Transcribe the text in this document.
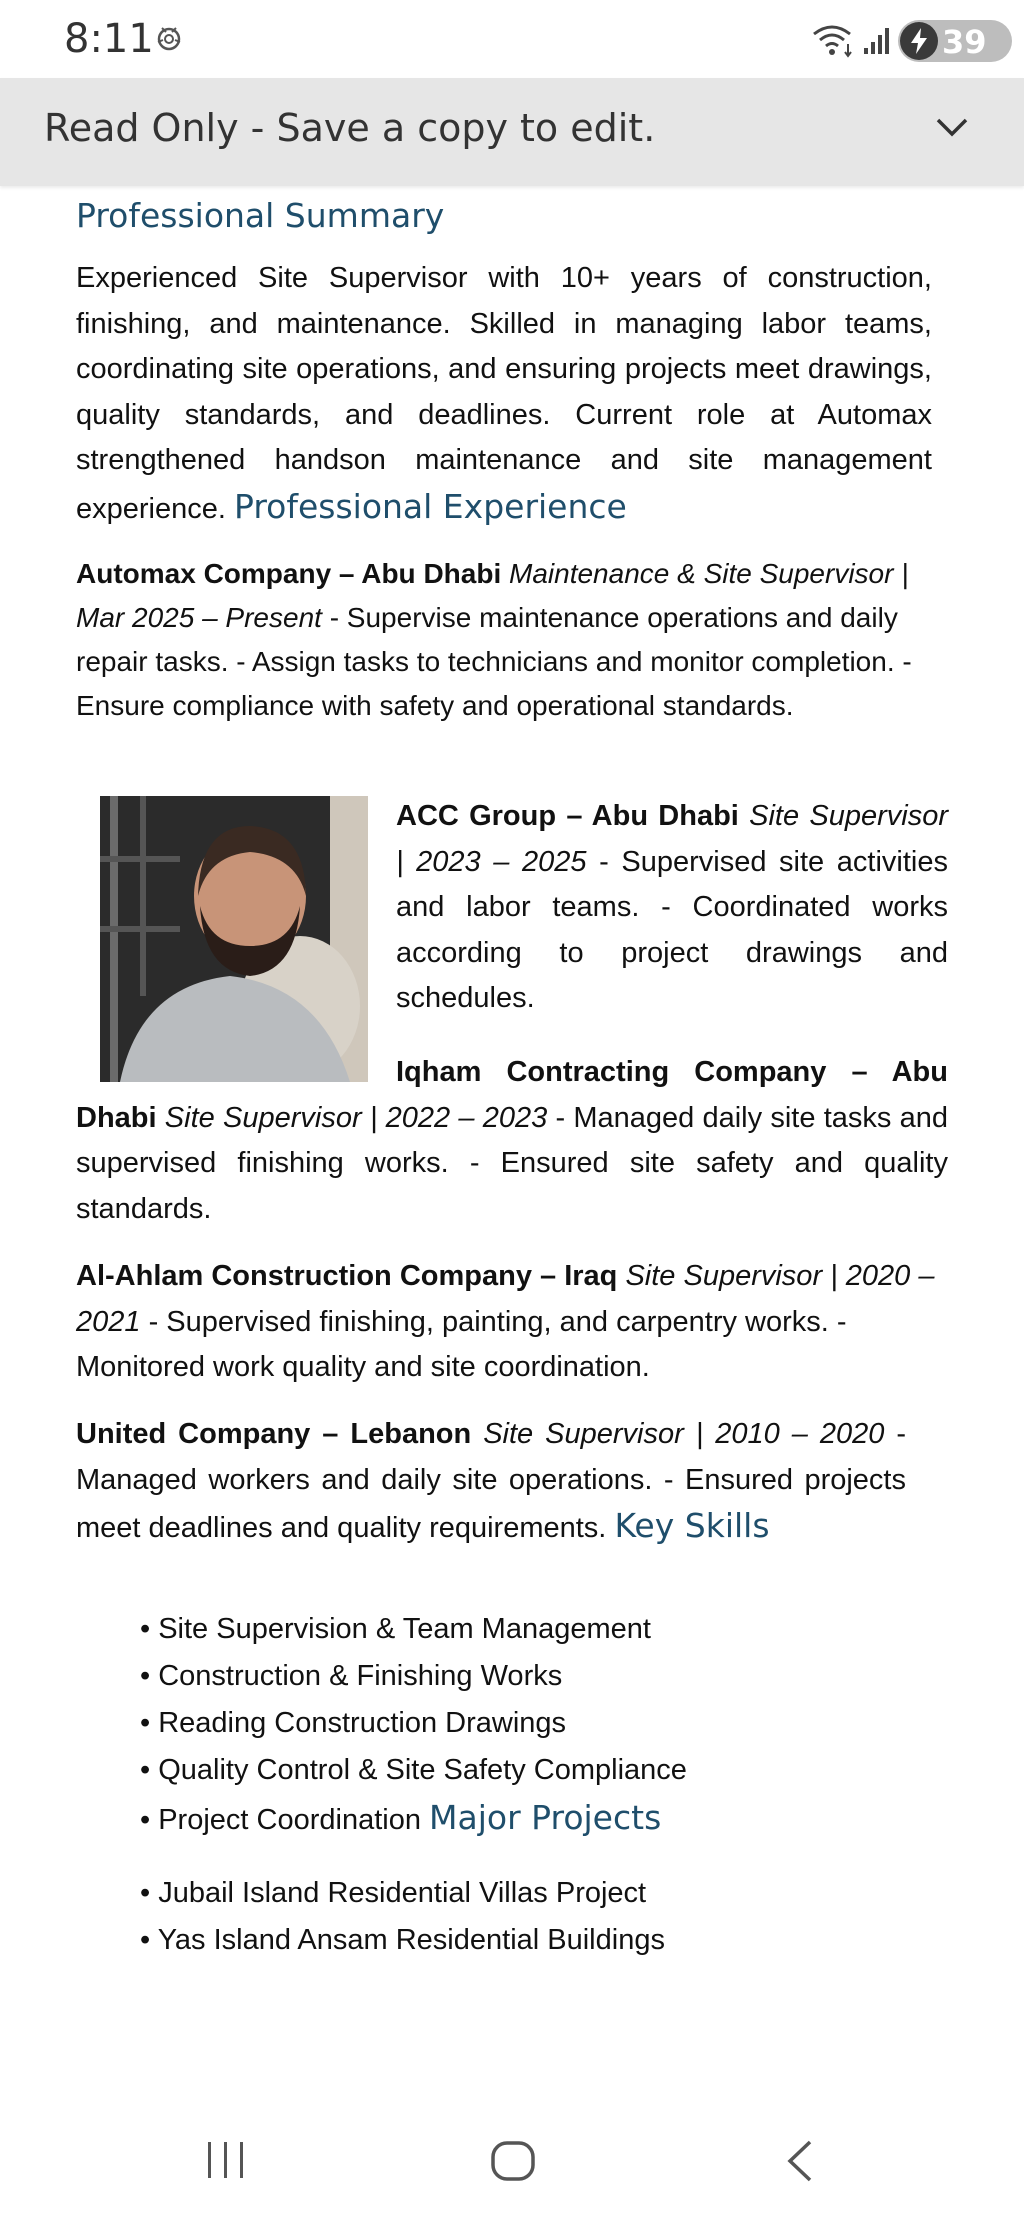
8:11	39
Read Only - Save a copy to edit.
Professional Summary
Experienced Site Supervisor with 10+ years of construction, finishing, and maintenance. Skilled in managing labor teams, coordinating site operations, and ensuring projects meet drawings, quality standards, and deadlines. Current role at Automax strengthened handson maintenance and site management experience. Professional Experience
Automax Company – Abu Dhabi Maintenance & Site Supervisor | Mar 2025 – Present - Supervise maintenance operations and daily repair tasks. - Assign tasks to technicians and monitor completion. - Ensure compliance with safety and operational standards.
ACC Group – Abu Dhabi Site Supervisor | 2023 – 2025 - Supervised site activities and labor teams. - Coordinated works according to project drawings and schedules.
Iqham Contracting Company – Abu Dhabi Site Supervisor | 2022 – 2023 - Managed daily site tasks and supervised finishing works. - Ensured site safety and quality standards.
Al-Ahlam Construction Company – Iraq Site Supervisor | 2020 – 2021 - Supervised finishing, painting, and carpentry works. - Monitored work quality and site coordination.
United Company – Lebanon Site Supervisor | 2010 – 2020 - Managed workers and daily site operations. - Ensured projects meet deadlines and quality requirements. Key Skills
• Site Supervision & Team Management
• Construction & Finishing Works
• Reading Construction Drawings
• Quality Control & Site Safety Compliance
• Project Coordination Major Projects
• Jubail Island Residential Villas Project
• Yas Island Ansam Residential Buildings
